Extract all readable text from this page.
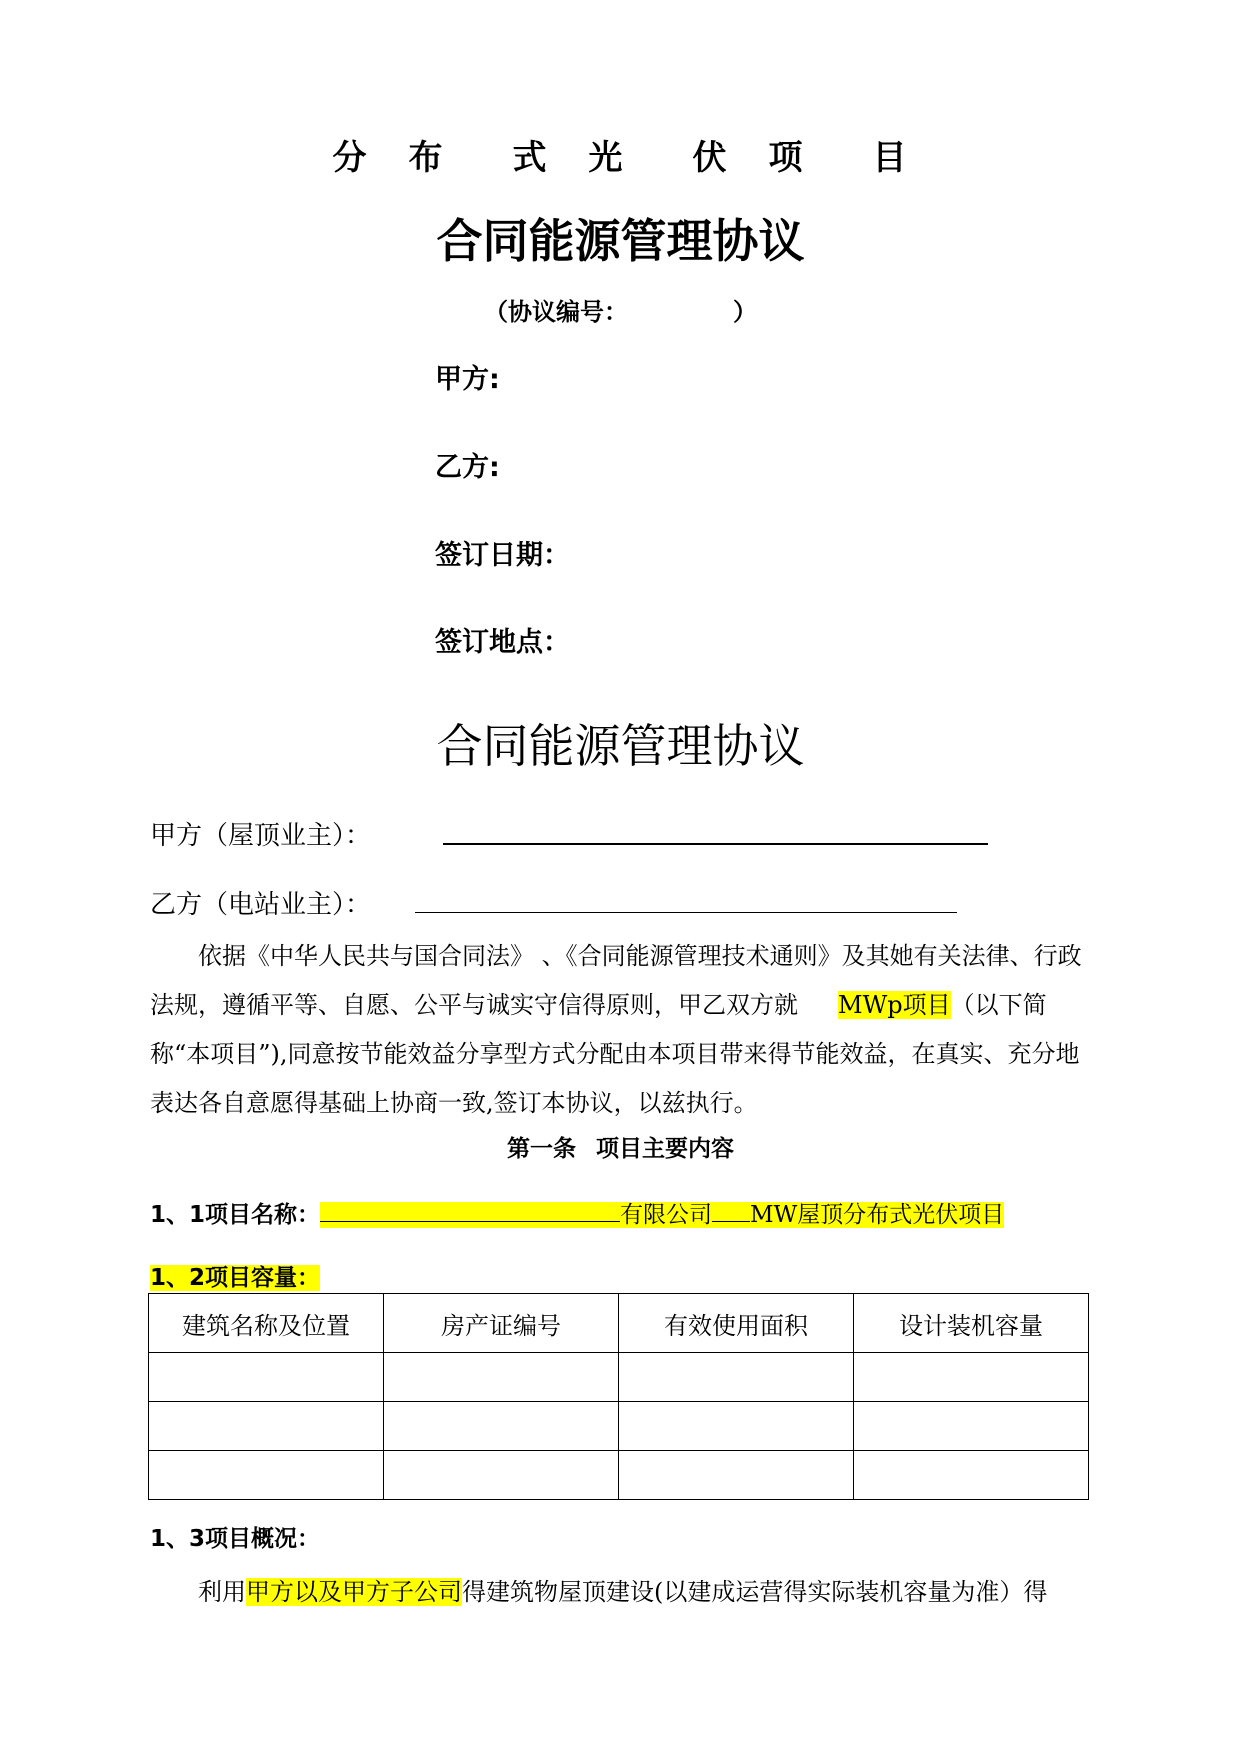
分 布 式 光 伏 项 目
合同能源管理协议
（协议编号：	）
甲方:
乙方:
签订日期：
签订地点：
合同能源管理协议
甲方（屋顶业主）：
乙方（电站业主）：

依据《中华人民共与国合同法》 、《合同能源管理技术通则》及其她有关法律、行政法规，遵循平等、自愿、公平与诚实守信得原则，甲乙双方就 MWp项目（以下简称“本项目”),同意按节能效益分享型方式分配由本项目带来得节能效益，在真实、充分地表达各自意愿得基础上协商一致,签订本协议，以兹执行。

第一条 项目主要内容
1、1项目名称：	有限公司 MW屋顶分布式光伏项目
1、2项目容量：
建筑名称及位置	房产证编号	有效使用面积	设计装机容量

1、3项目概况：

利用甲方以及甲方子公司得建筑物屋顶建设(以建成运营得实际装机容量为准）得
